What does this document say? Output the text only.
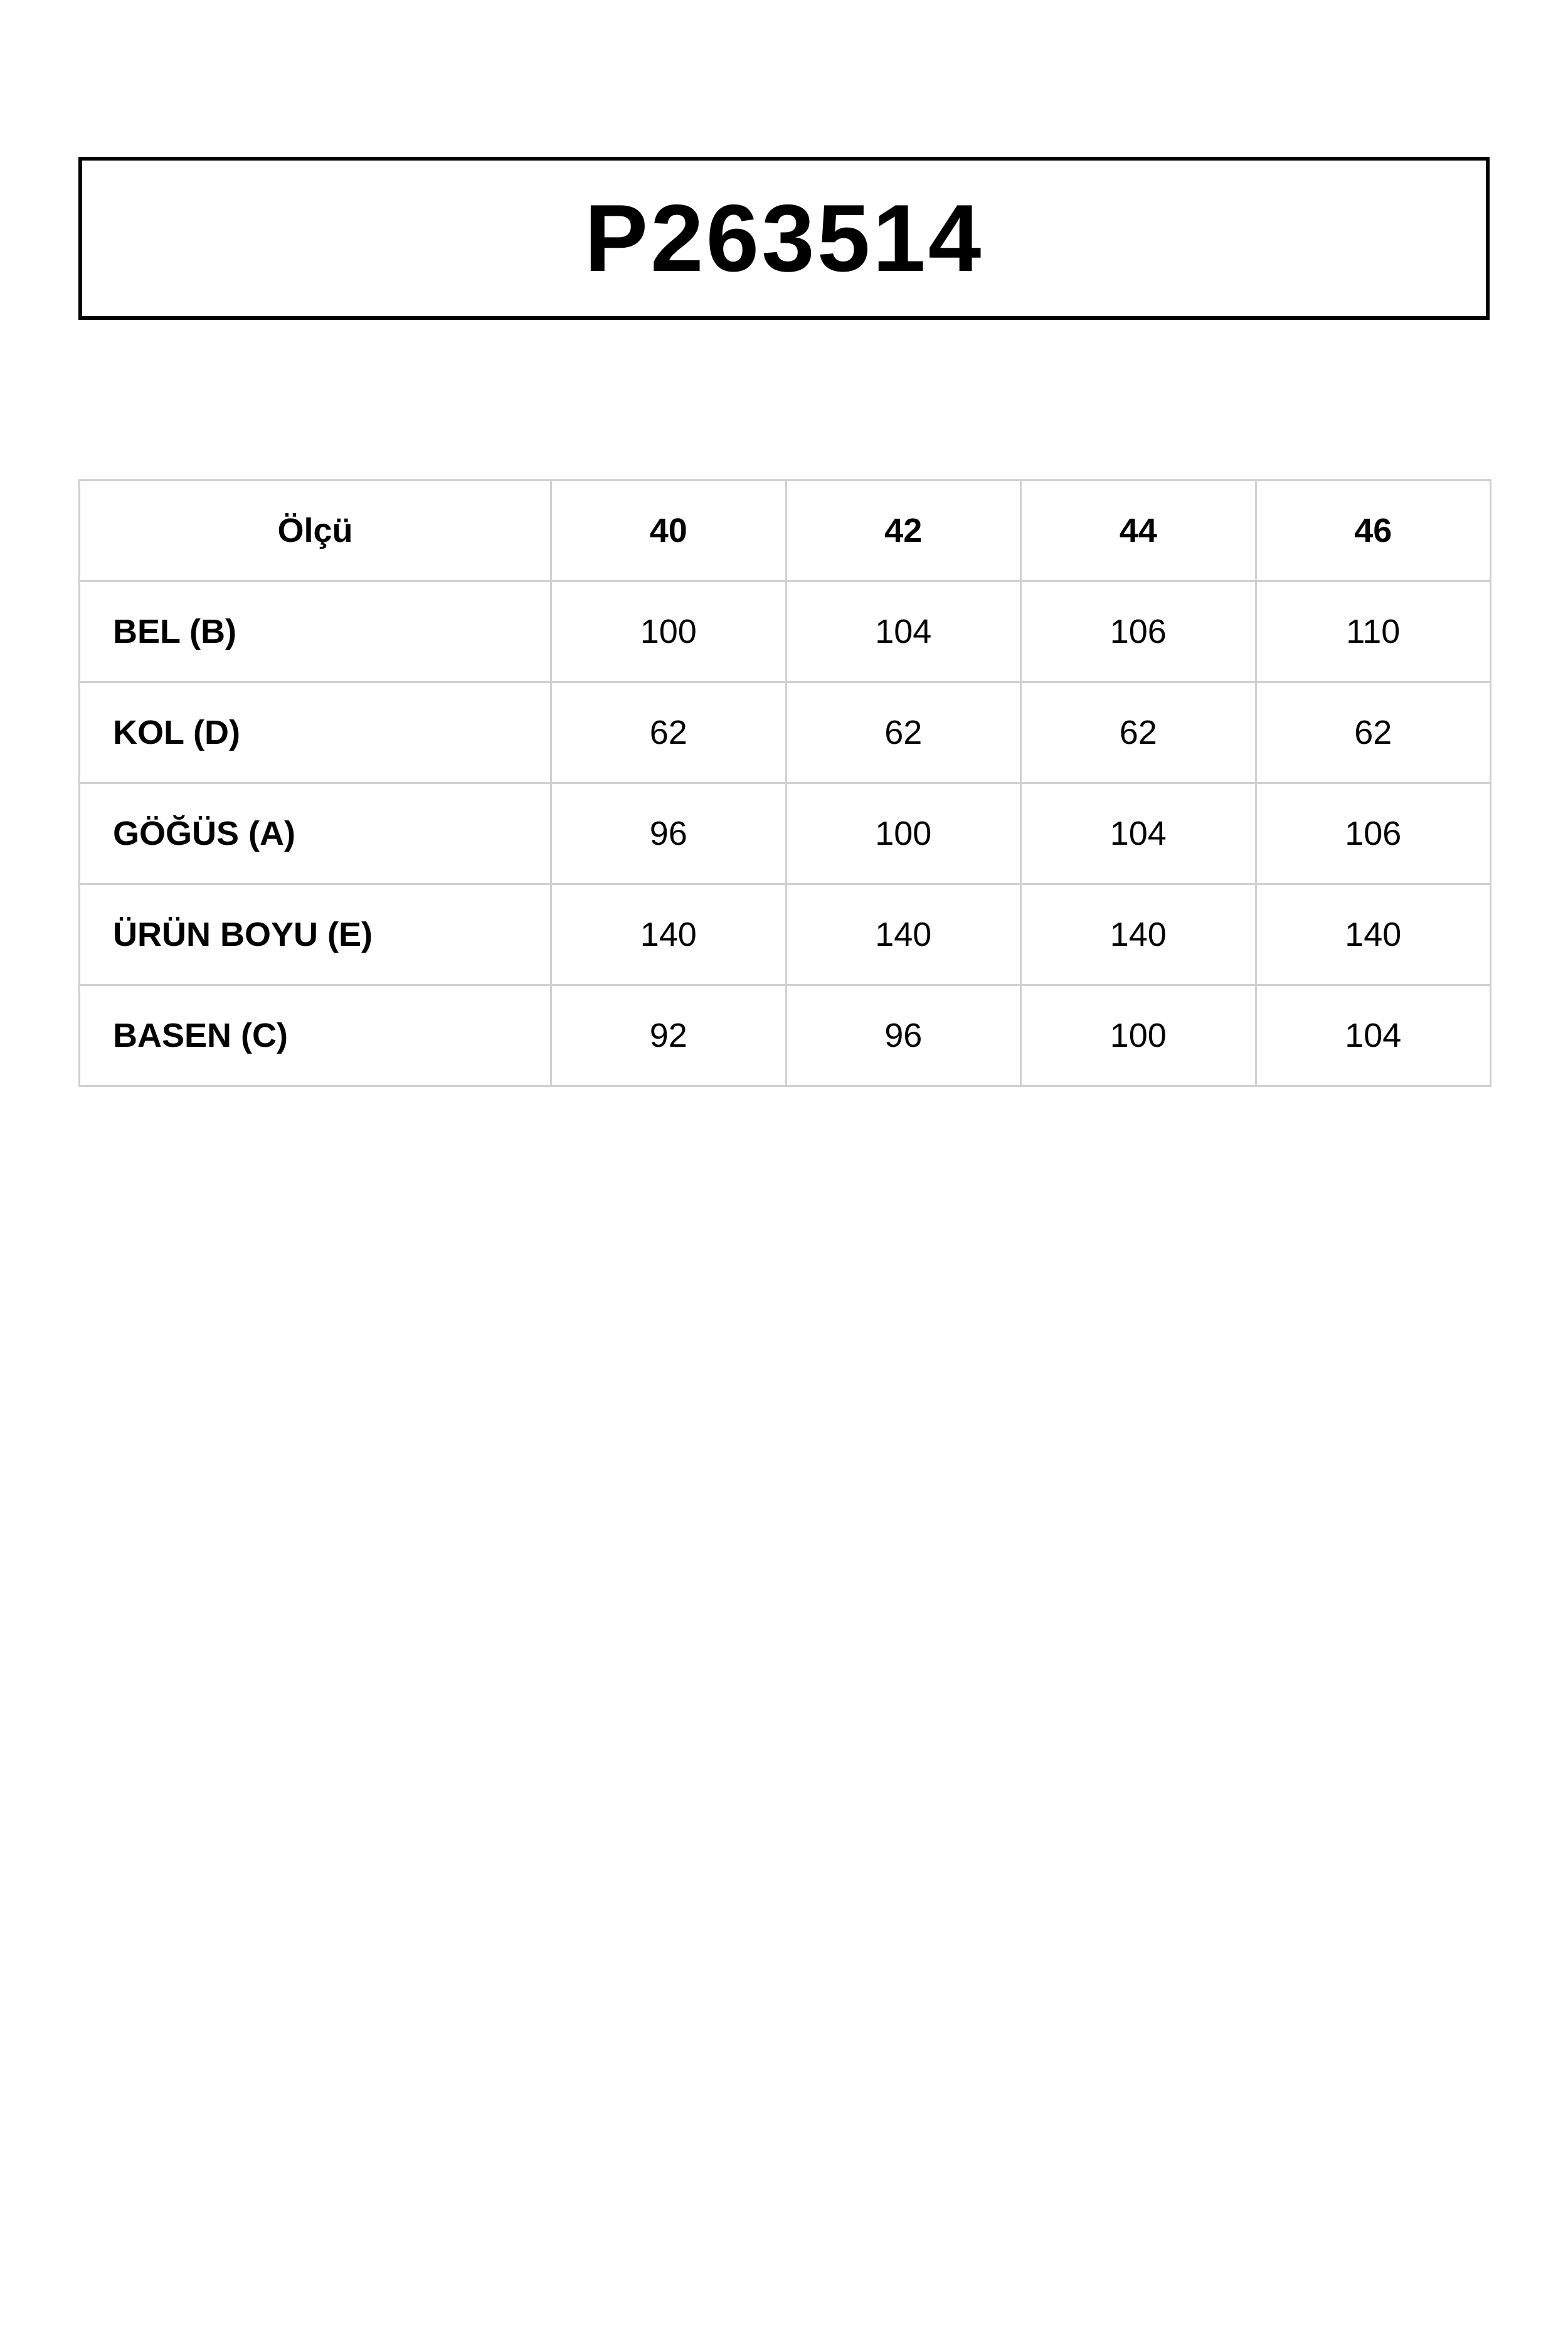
P263514
Ölçü	40	42	44	46
BEL (B)	100	104	106	110
KOL (D)	62	62	62	62
GÖĞÜS (A)	96	100	104	106
ÜRÜN BOYU (E)	140	140	140	140
BASEN (C)	92	96	100	104
